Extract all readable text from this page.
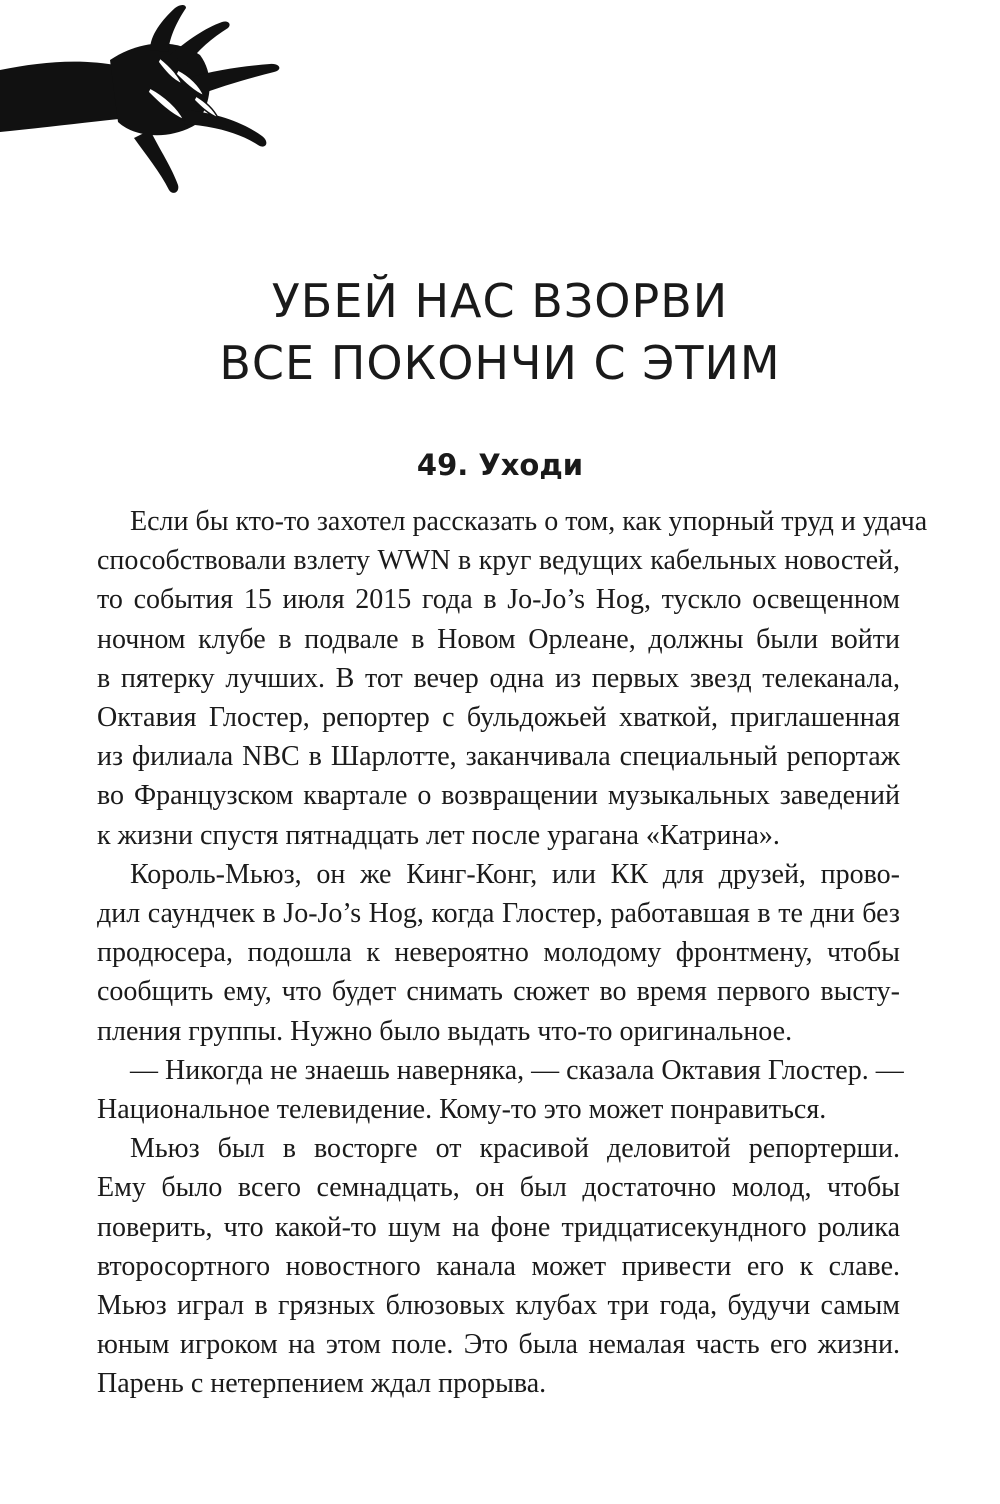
УБЕЙ НАС ВЗОРВИ
ВСЕ ПОКОНЧИ С ЭТИМ
49. Уходи
Если бы кто-то захотел рассказать о том, как упорный труд и удача
способствовали взлету WWN в круг ведущих кабельных новостей,
то события 15 июля 2015 года в Jo-Jo’s Hog, тускло освещенном
ночном клубе в подвале в Новом Орлеане, должны были войти
в пятерку лучших. В тот вечер одна из первых звезд телеканала,
Октавия Глостер, репортер с бульдожьей хваткой, приглашенная
из филиала NBC в Шарлотте, заканчивала специальный репортаж
во Французском квартале о возвращении музыкальных заведений
к жизни спустя пятнадцать лет после урагана «Катрина».
Король-Мьюз, он же Кинг-Конг, или КК для друзей, прово-
дил саундчек в Jo-Jo’s Hog, когда Глостер, работавшая в те дни без
продюсера, подошла к невероятно молодому фронтмену, чтобы
сообщить ему, что будет снимать сюжет во время первого высту-
пления группы. Нужно было выдать что-то оригинальное.
— Никогда не знаешь наверняка, — сказала Октавия Глостер. —
Национальное телевидение. Кому-то это может понравиться.
Мьюз был в восторге от красивой деловитой репортерши.
Ему было всего семнадцать, он был достаточно молод, чтобы
поверить, что какой-то шум на фоне тридцатисекундного ролика
второсортного новостного канала может привести его к славе.
Мьюз играл в грязных блюзовых клубах три года, будучи самым
юным игроком на этом поле. Это была немалая часть его жизни.
Парень с нетерпением ждал прорыва.
